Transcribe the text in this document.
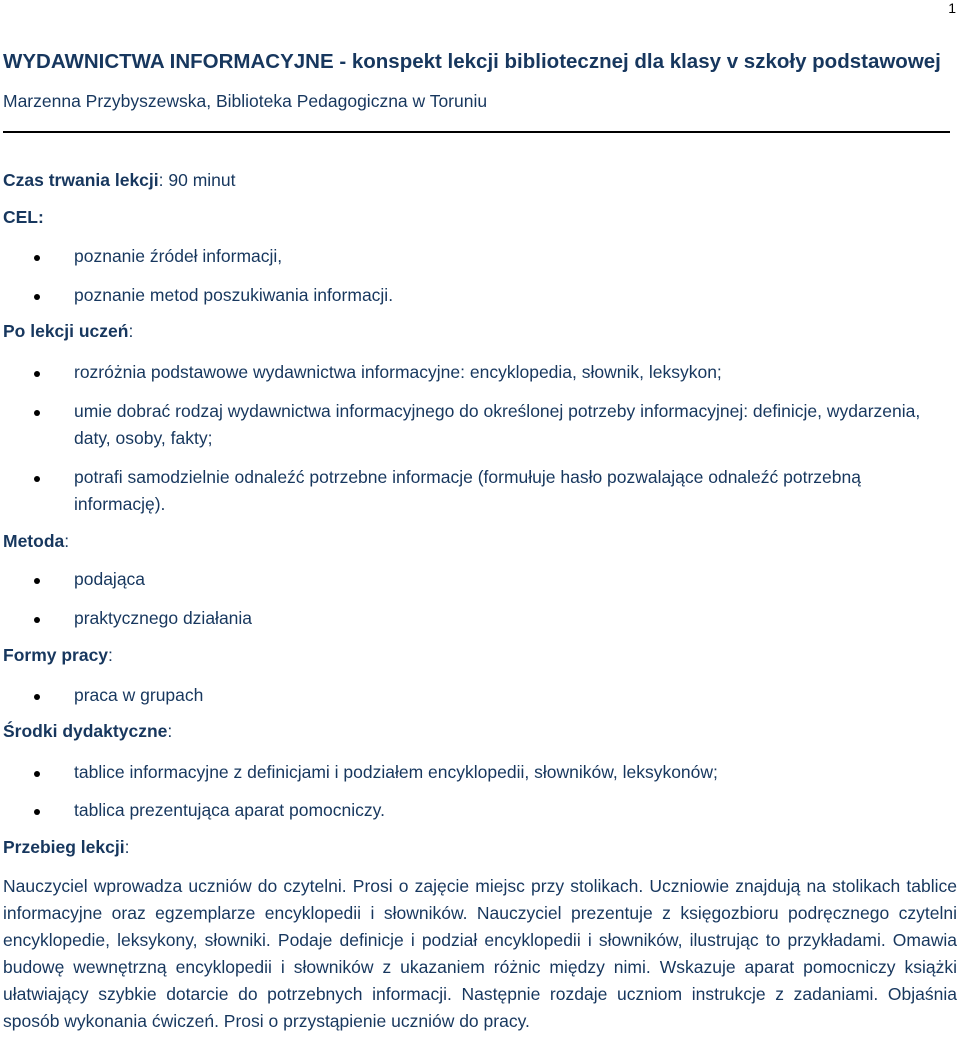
1
WYDAWNICTWA INFORMACYJNE - konspekt lekcji bibliotecznej dla klasy v szkoły podstawowej
Marzenna Przybyszewska, Biblioteka Pedagogiczna w Toruniu
Czas trwania lekcji: 90 minut
CEL:
poznanie źródeł informacji,
poznanie metod poszukiwania informacji.
Po lekcji uczeń:
rozróżnia podstawowe wydawnictwa informacyjne: encyklopedia, słownik, leksykon;
umie dobrać rodzaj wydawnictwa informacyjnego do określonej potrzeby informacyjnej: definicje, wydarzenia, daty, osoby, fakty;
potrafi samodzielnie odnaleźć potrzebne informacje (formułuje hasło pozwalające odnaleźć potrzebną informację).
Metoda:
podająca
praktycznego działania
Formy pracy:
praca w grupach
Środki dydaktyczne:
tablice informacyjne z definicjami i podziałem encyklopedii, słowników, leksykonów;
tablica prezentująca aparat pomocniczy.
Przebieg lekcji:
Nauczyciel wprowadza uczniów do czytelni. Prosi o zajęcie miejsc przy stolikach. Uczniowie znajdują na stolikach tablice informacyjne oraz egzemplarze encyklopedii i słowników. Nauczyciel prezentuje z księgozbioru podręcznego czytelni encyklopedie, leksykony, słowniki. Podaje definicje i podział encyklopedii i słowników, ilustrując to przykładami. Omawia budowę wewnętrzną encyklopedii i słowników z ukazaniem różnic między nimi. Wskazuje aparat pomocniczy książki ułatwiający szybkie dotarcie do potrzebnych informacji. Następnie rozdaje uczniom instrukcje z zadaniami. Objaśnia sposób wykonania ćwiczeń. Prosi o przystąpienie uczniów do pracy.
